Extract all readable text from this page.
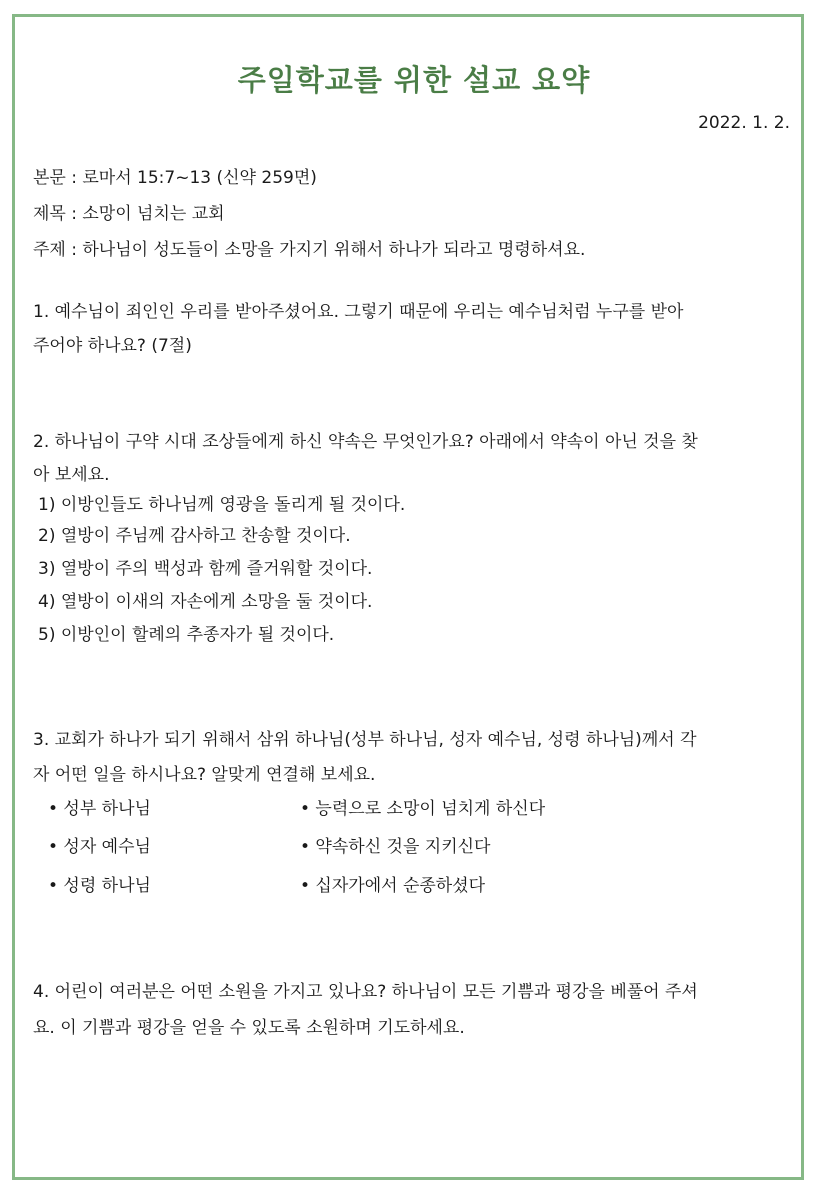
주일학교를 위한 설교 요약
2022. 1. 2.
본문 : 로마서 15:7~13 (신약 259면)
제목 : 소망이 넘치는 교회
주제 : 하나님이 성도들이 소망을 가지기 위해서 하나가 되라고 명령하셔요.
1. 예수님이 죄인인 우리를 받아주셨어요. 그렇기 때문에 우리는 예수님처럼 누구를 받아
주어야 하나요? (7절)
2. 하나님이 구약 시대 조상들에게 하신 약속은 무엇인가요? 아래에서 약속이 아닌 것을 찾
아 보세요.
1) 이방인들도 하나님께 영광을 돌리게 될 것이다.
2) 열방이 주님께 감사하고 찬송할 것이다.
3) 열방이 주의 백성과 함께 즐거워할 것이다.
4) 열방이 이새의 자손에게 소망을 둘 것이다.
5) 이방인이 할례의 추종자가 될 것이다.
3. 교회가 하나가 되기 위해서 삼위 하나님(성부 하나님, 성자 예수님, 성령 하나님)께서 각
자 어떤 일을 하시나요? 알맞게 연결해 보세요.
• 성부 하나님
• 성자 예수님
• 성령 하나님
• 능력으로 소망이 넘치게 하신다
• 약속하신 것을 지키신다
• 십자가에서 순종하셨다
4. 어린이 여러분은 어떤 소원을 가지고 있나요? 하나님이 모든 기쁨과 평강을 베풀어 주셔
요. 이 기쁨과 평강을 얻을 수 있도록 소원하며 기도하세요.
